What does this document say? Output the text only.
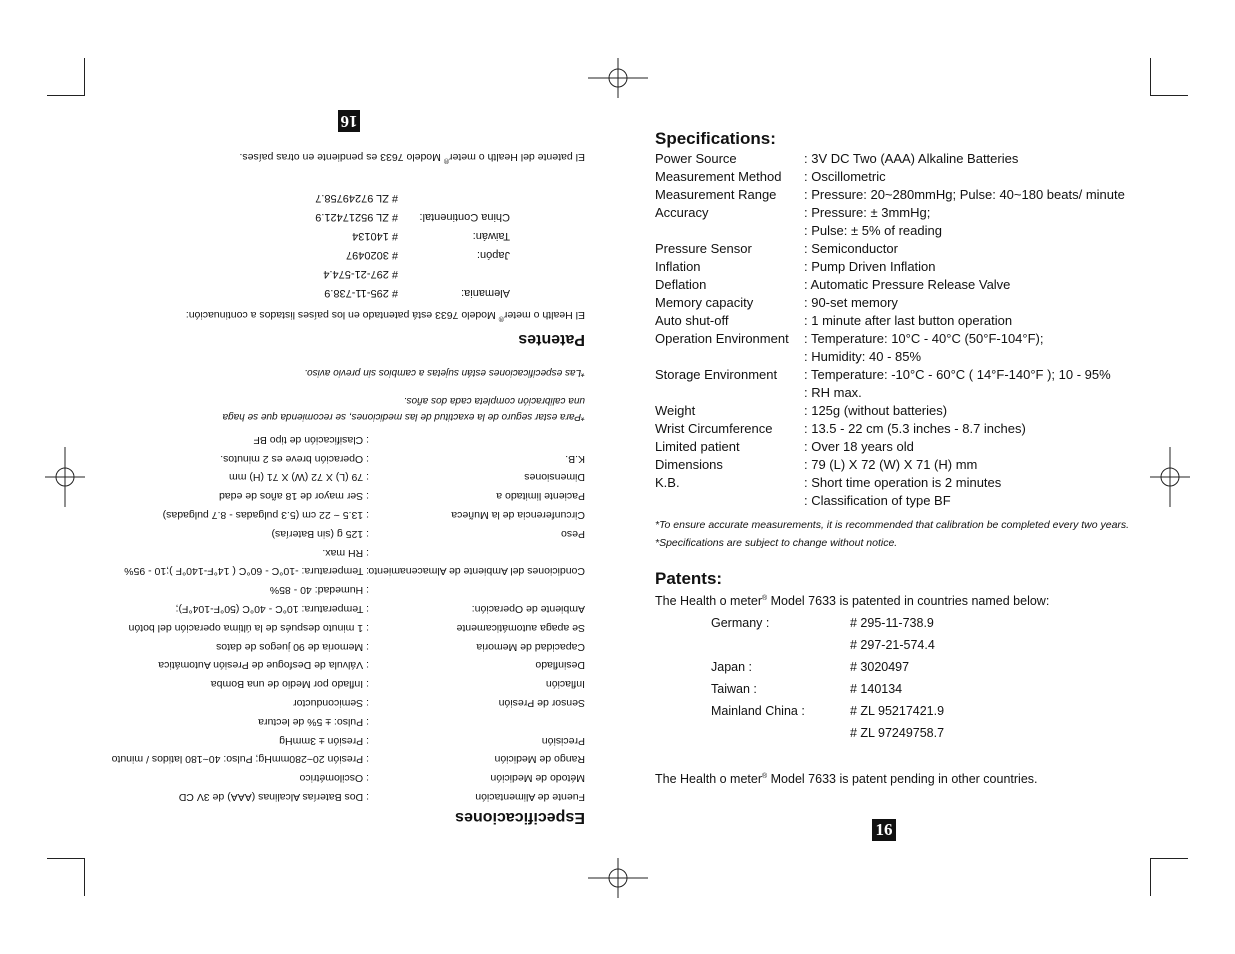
Specifications:
Power Source	: 3V DC Two (AAA) Alkaline Batteries
Measurement Method	: Oscillometric
Measurement Range	: Pressure: 20~280mmHg; Pulse: 40~180 beats/ minute
Accuracy	: Pressure: ± 3mmHg;
: Pulse: ± 5% of reading
Pressure Sensor	: Semiconductor
Inflation	: Pump Driven Inflation
Deflation	: Automatic Pressure Release Valve
Memory capacity	: 90-set memory
Auto shut-off	: 1 minute after last button operation
Operation Environment	: Temperature: 10°C - 40°C (50°F-104°F);
: Humidity: 40 - 85%
Storage Environment	: Temperature: -10°C - 60°C ( 14°F-140°F ); 10 - 95%
: RH max.
Weight	: 125g (without batteries)
Wrist Circumference	: 13.5 - 22 cm (5.3 inches - 8.7 inches)
Limited patient	: Over 18 years old
Dimensions	: 79 (L) X 72 (W) X 71 (H) mm
K.B.	: Short time operation is 2 minutes
: Classification of type BF

*To ensure accurate measurements, it is recommended that calibration be completed every two years.

*Specifications are subject to change without notice.

Patents:

The Health o meter® Model 7633 is patented in countries named below:

Germany :	# 295-11-738.9
# 297-21-574.4
Japan :	# 3020497
Taiwan :	# 140134
Mainland China :	# ZL 95217421.9
# ZL 97249758.7

The Health o meter® Model 7633 is patent pending in other countries.

16
Especificaciones
Fuente de Alimentación
: Dos Baterías Alcalinas (AAA) de 3V CD
Método de Medición
: Oscilométrico
Rango de Medición
: Presión 20~280mmHg; Pulso: 40~180 latidos / minuto
Precisión
: Presión ± 3mmHg
: Pulso: ± 5% de lectura
Sensor de Presión
: Semiconductor
Inflación
: Inflado por Medio de una Bomba
Desinflado
: Válvula de Desfogue de Presión Automática
Capacidad de Memoria
: Memoria de 90 juegos de datos
Se apaga automáticamente
: 1 minuto después de la última operación del botón
Ambiente de Operación:
: Temperatura: 10°C - 40°C (50°F-104°F);
: Humedad: 40 - 85%
Condiciones del Ambiente de Almacenamiento
: Temperatura: -10°C - 60°C ( 14°F-140°F );10 - 95%
: RH max.
Peso
: 125 g (sin Baterías)
Circunferencia de la Muñeca
: 13.5 ~ 22 cm (5.3 pulgadas - 8.7 pulgadas)
Paciente limitado a
: Ser mayor de 18 años de edad
Dimensiones
: 79 (L) X 72 (W) X 71 (H) mm
K.B.
: Operación breve es 2 minutos.
: Clasificación de tipo BF

*Para estar seguro de la exactitud de las mediciones, se recomienda que se haga

una calibración completa cada dos años.

*Las especificaciones están sujetas a cambios sin previo aviso.

Patentes

El Health o meter® Modelo 7633 está patentado en los países listados a continuación:

Alemania:
# 295-11-738.9
# 297-21-574.4
Japón:
# 3020497
Taiwán:
# 140134
China Continental:
# ZL 95217421.9
# ZL 97249758.7

El patente del Health o meter® Modelo 7633 es pendiente en otras países.

16
